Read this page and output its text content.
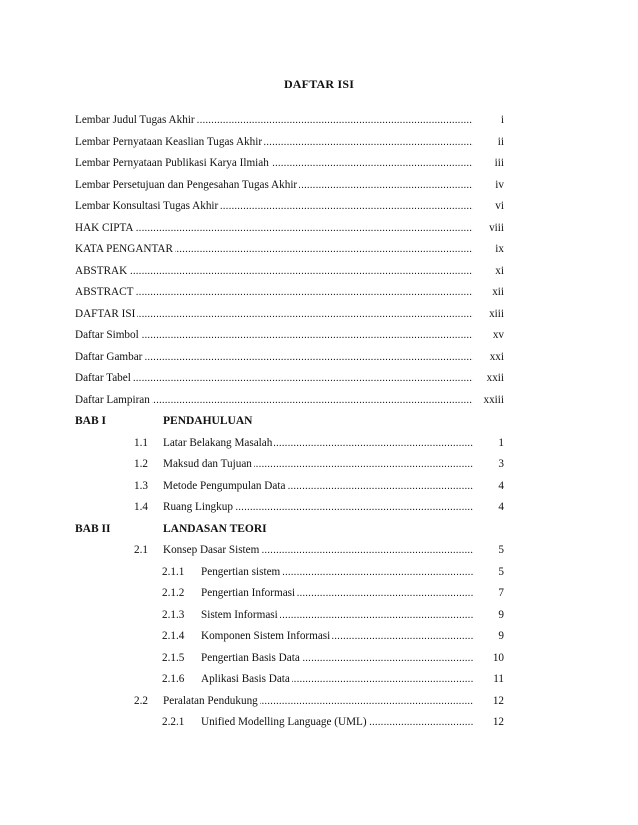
DAFTAR ISI
.....
Lembar Judul Tugas Akhir	i
.....
Lembar Pernyataan Keaslian Tugas Akhir	ii
.....
Lembar Pernyataan Publikasi Karya Ilmiah	iii
.....
Lembar Persetujuan dan Pengesahan Tugas Akhir	iv
.....
Lembar Konsultasi Tugas Akhir	vi
.....
HAK CIPTA	viii
.....
KATA PENGANTAR	ix
.....
ABSTRAK	xi
.....
ABSTRACT	xii
.....
DAFTAR ISI	xiii
.....
Daftar Simbol	xv
.....
Daftar Gambar	xxi
.....
Daftar Tabel	xxii
.....
Daftar Lampiran	xxiii
BAB I	PENDAHULUAN
.....
1.1 Latar Belakang Masalah	1
.....
1.2 Maksud dan Tujuan	3
.....
1.3 Metode Pengumpulan Data	4
.....
1.4 Ruang Lingkup	4
BAB II	LANDASAN TEORI
.....
2.1 Konsep Dasar Sistem	5
.....
2.1.1 Pengertian sistem	5
.....
2.1.2 Pengertian Informasi	7
.....
2.1.3 Sistem Informasi	9
.....
2.1.4 Komponen Sistem Informasi	9
.....
2.1.5 Pengertian Basis Data	10
.....
2.1.6 Aplikasi Basis Data	11
.....
2.2 Peralatan Pendukung	12
.....
2.2.1 Unified Modelling Language (UML)	12
